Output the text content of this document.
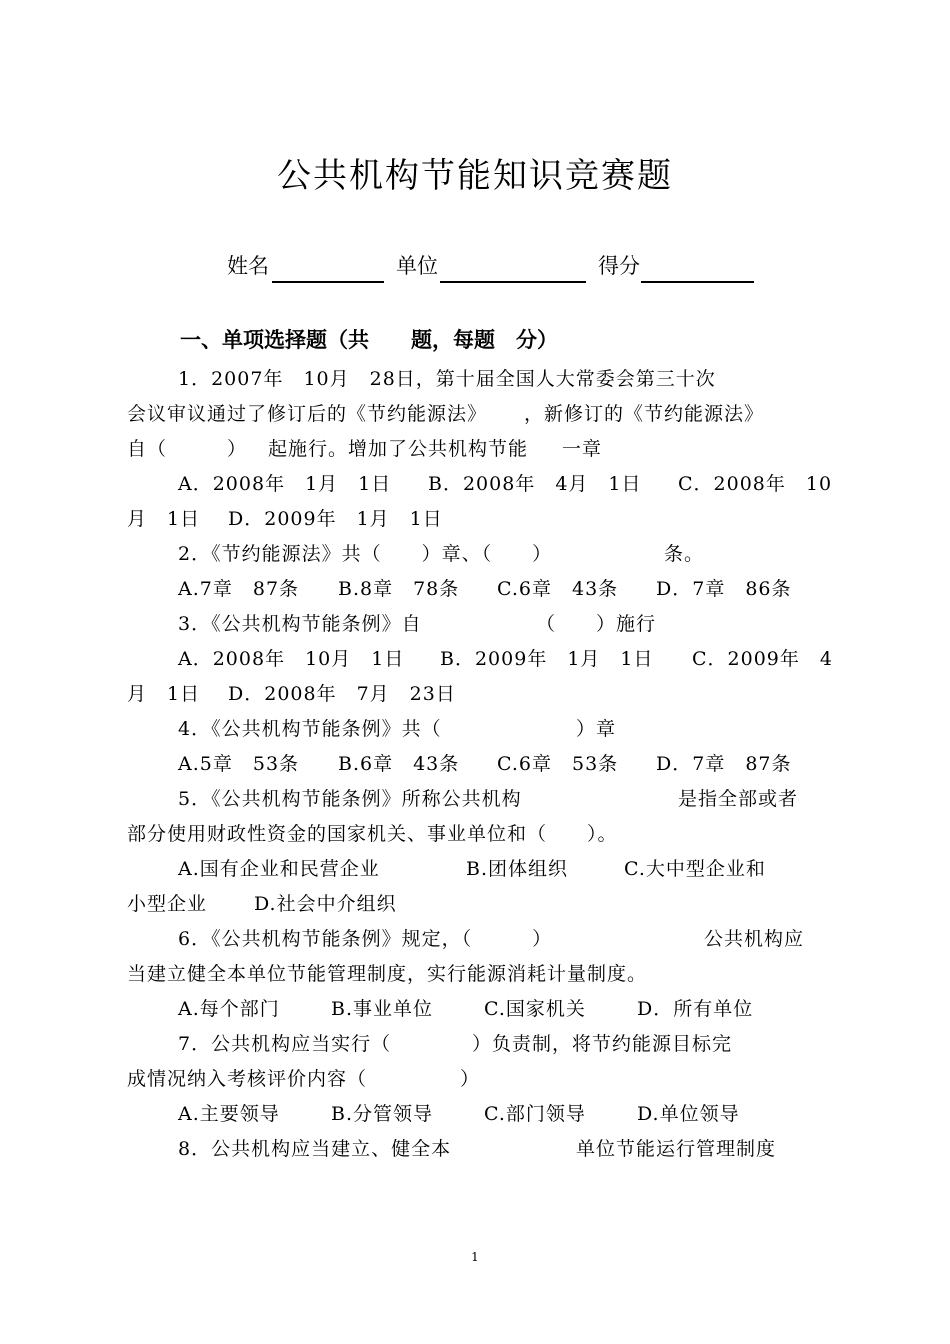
公共机构节能知识竞赛题
姓名	单位	得分
一、单项选择题（共　　题，每题　分）
1．2007年　10月　28日，第十届全国人大常委会第三十次
会议审议通过了修订后的《节约能源法》 ，新修订的《节约能源法》
自（　　　） 起施行。增加了公共机构节能 一章
A．2008年　1月　1日 B．2008年　4月　1日 C．2008年　10
月　1日 D．2009年　1月　1日
2．《节约能源法》共（　　）章、（　　）	条。
A.7章　87条 B.8章　78条 C.6章　43条 D．7章　86条
3．《公共机构节能条例》自	（　　）施行
A．2008年　10月　1日 B．2009年　1月　1日 C．2009年　4
月　1日 D．2008年　7月　23日
4．《公共机构节能条例》共（	）章
A.5章　53条 B.6章　43条 C.6章　53条 D．7章　87条
5．《公共机构节能条例》所称公共机构	是指全部或者
部分使用财政性资金的国家机关、事业单位和（　　）。
A.国有企业和民营企业	B.团体组织	C.大中型企业和
小型企业 D.社会中介组织
6．《公共机构节能条例》规定，（　　　）	公共机构应
当建立健全本单位节能管理制度，实行能源消耗计量制度。
A.每个部门	B.事业单位	C.国家机关	D．所有单位
7．公共机构应当实行（	）负责制，将节约能源目标完
成情况纳入考核评价内容（	）
A.主要领导	B.分管领导	C.部门领导	D.单位领导
8．公共机构应当建立、健全本	单位节能运行管理制度
1
